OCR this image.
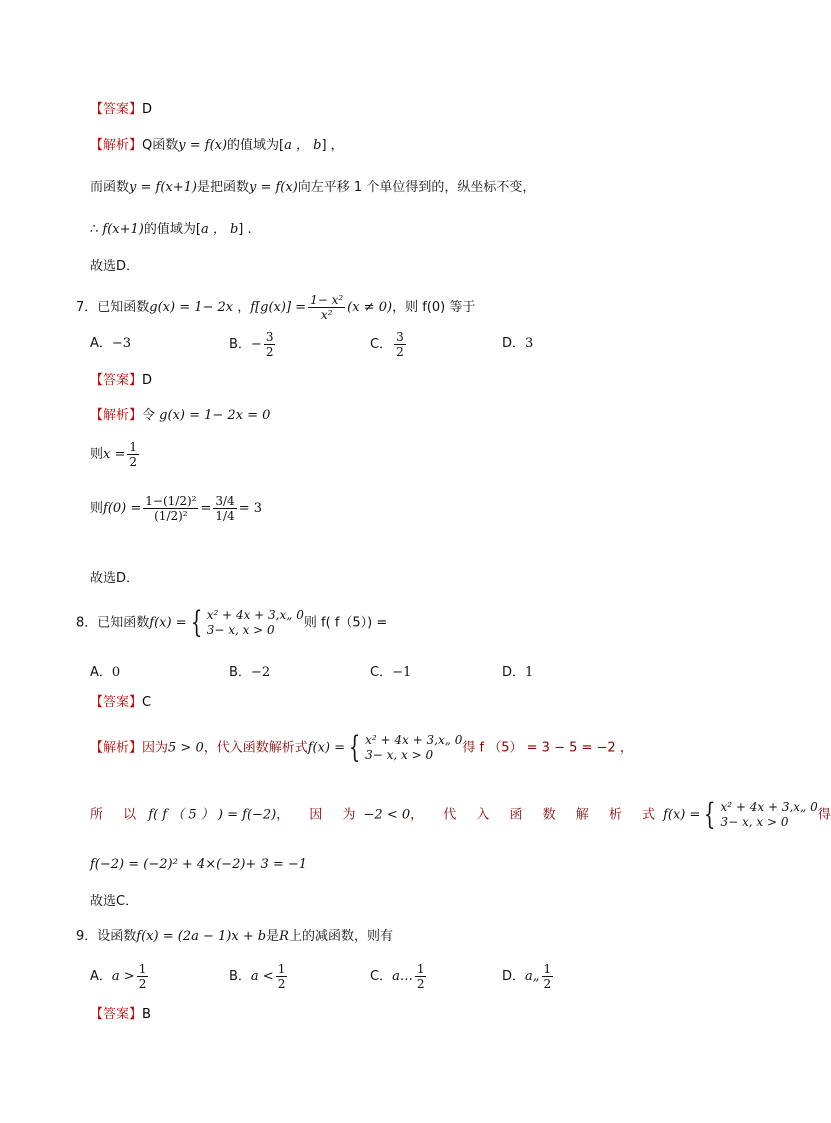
【答案】D
【解析】Q函数y = f(x)的值域为[a ， b] ，
而函数y = f(x+1)是把函数y = f(x)向左平移 1 个单位得到的，纵坐标不变，
∴ f(x+1)的值域为[a ， b] .
故选D．
7．已知函数g(x) = 1− 2x ，$f[g(x)] = \frac{\text{1− x²}}{\text{x²}} (x \ne 0)$，则 f(0) 等于
A．−3	B．− $\frac{3}{2}$	C． $\frac{3}{2}$	D．3
【答案】D
【解析】令 g(x) = 1− 2x = 0
则$x = \frac{1}{2}$
则$f(0) = \frac{\text{1−(1/2)²}}{\text{(1/2)²}} = \frac{3/4}{1/4} = 3$
故选D．
8．已知函数f(x) = { x² + 4x + 3,x„ 0
3− x, x > 0	则 f( f（5）) =
A．0	B．−2	C．−1	D．1
【答案】C
【解析】因为5 > 0，代入函数解析式f(x) = { x² + 4x + 3,x„ 0
3− x, x > 0	得 f （5） = 3 − 5 = −2 ，
所 以 f( f （ 5 ） ) = f(−2)， 因 为−2 < 0， 代 入 函 数 解 析 式f(x) = { x² + 4x + 3,x„ 0
3− x, x > 0	得
f(−2) = (−2)² + 4×(−2)+ 3 = −1
故选C．
9．设函数f(x) = (2a − 1)x + b是R上的减函数，则有
A．$a > \frac{1}{2}$	B．$a < \frac{1}{2}$	C．a… $\frac{1}{2}$	D．a„ $\frac{1}{2}$
【答案】B
